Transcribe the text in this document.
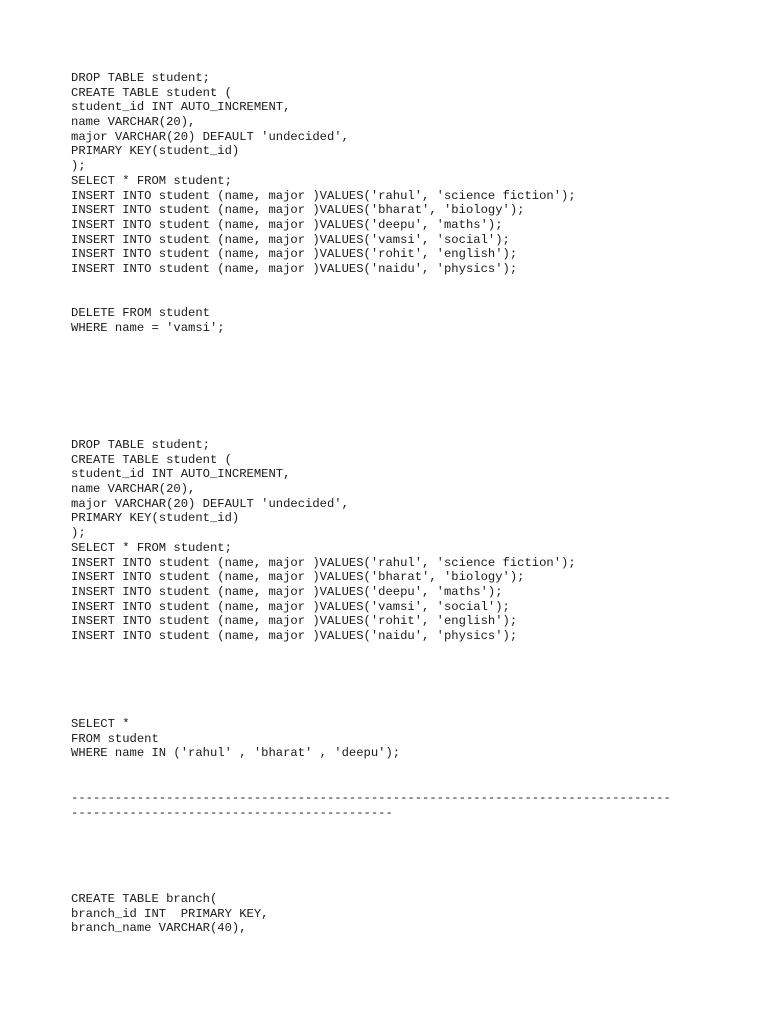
DROP TABLE student;
CREATE TABLE student (
student_id INT AUTO_INCREMENT,
name VARCHAR(20),
major VARCHAR(20) DEFAULT 'undecided',
PRIMARY KEY(student_id)
);
SELECT * FROM student;
INSERT INTO student (name, major )VALUES('rahul', 'science fiction');
INSERT INTO student (name, major )VALUES('bharat', 'biology');
INSERT INTO student (name, major )VALUES('deepu', 'maths');
INSERT INTO student (name, major )VALUES('vamsi', 'social');
INSERT INTO student (name, major )VALUES('rohit', 'english');
INSERT INTO student (name, major )VALUES('naidu', 'physics');
DELETE FROM student
WHERE name = 'vamsi';
DROP TABLE student;
CREATE TABLE student (
student_id INT AUTO_INCREMENT,
name VARCHAR(20),
major VARCHAR(20) DEFAULT 'undecided',
PRIMARY KEY(student_id)
);
SELECT * FROM student;
INSERT INTO student (name, major )VALUES('rahul', 'science fiction');
INSERT INTO student (name, major )VALUES('bharat', 'biology');
INSERT INTO student (name, major )VALUES('deepu', 'maths');
INSERT INTO student (name, major )VALUES('vamsi', 'social');
INSERT INTO student (name, major )VALUES('rohit', 'english');
INSERT INTO student (name, major )VALUES('naidu', 'physics');
SELECT *
FROM student
WHERE name IN ('rahul' , 'bharat' , 'deepu');
----------------------------------------------------------------------------------
--------------------------------------------
CREATE TABLE branch(
branch_id INT  PRIMARY KEY,
branch_name VARCHAR(40),
